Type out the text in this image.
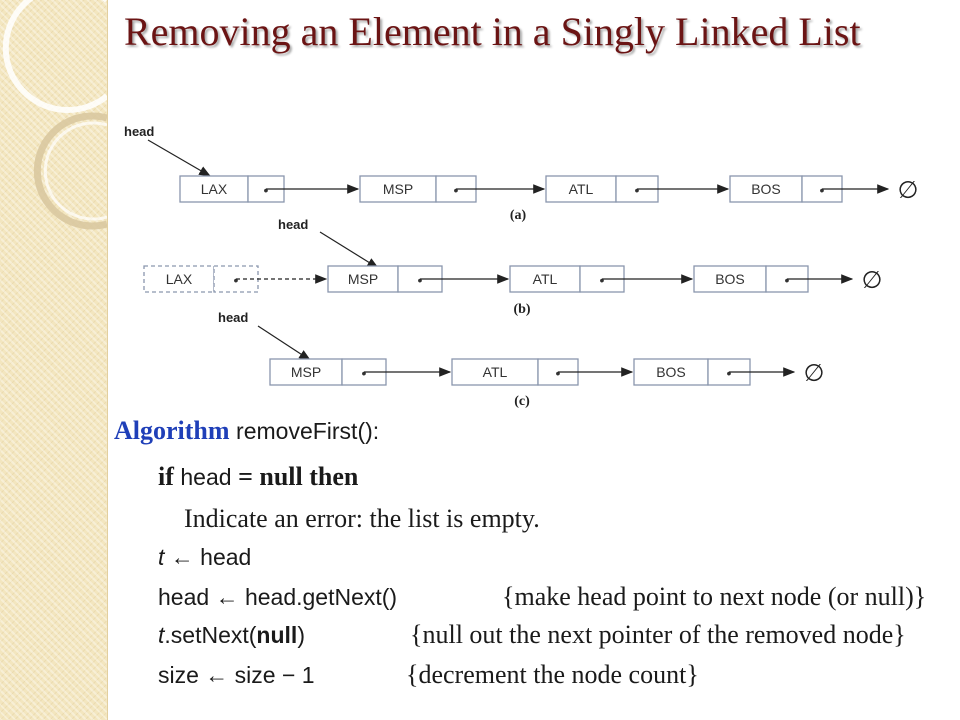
Removing an Element in a Singly Linked List
head
LAX	•	MSP	•	ATL	•	BOS	•	∅
(a)
head
LAX	•	MSP	•	ATL	•	BOS	•	∅
(b)
head
MSP	•	ATL	•	BOS	•	∅
(c)
Algorithm removeFirst():
if head = null then
Indicate an error: the list is empty.
t ← head
head ← head.getNext()	{make head point to next node (or null)}
t.setNext(null)	{null out the next pointer of the removed node}
size ← size − 1	{decrement the node count}
